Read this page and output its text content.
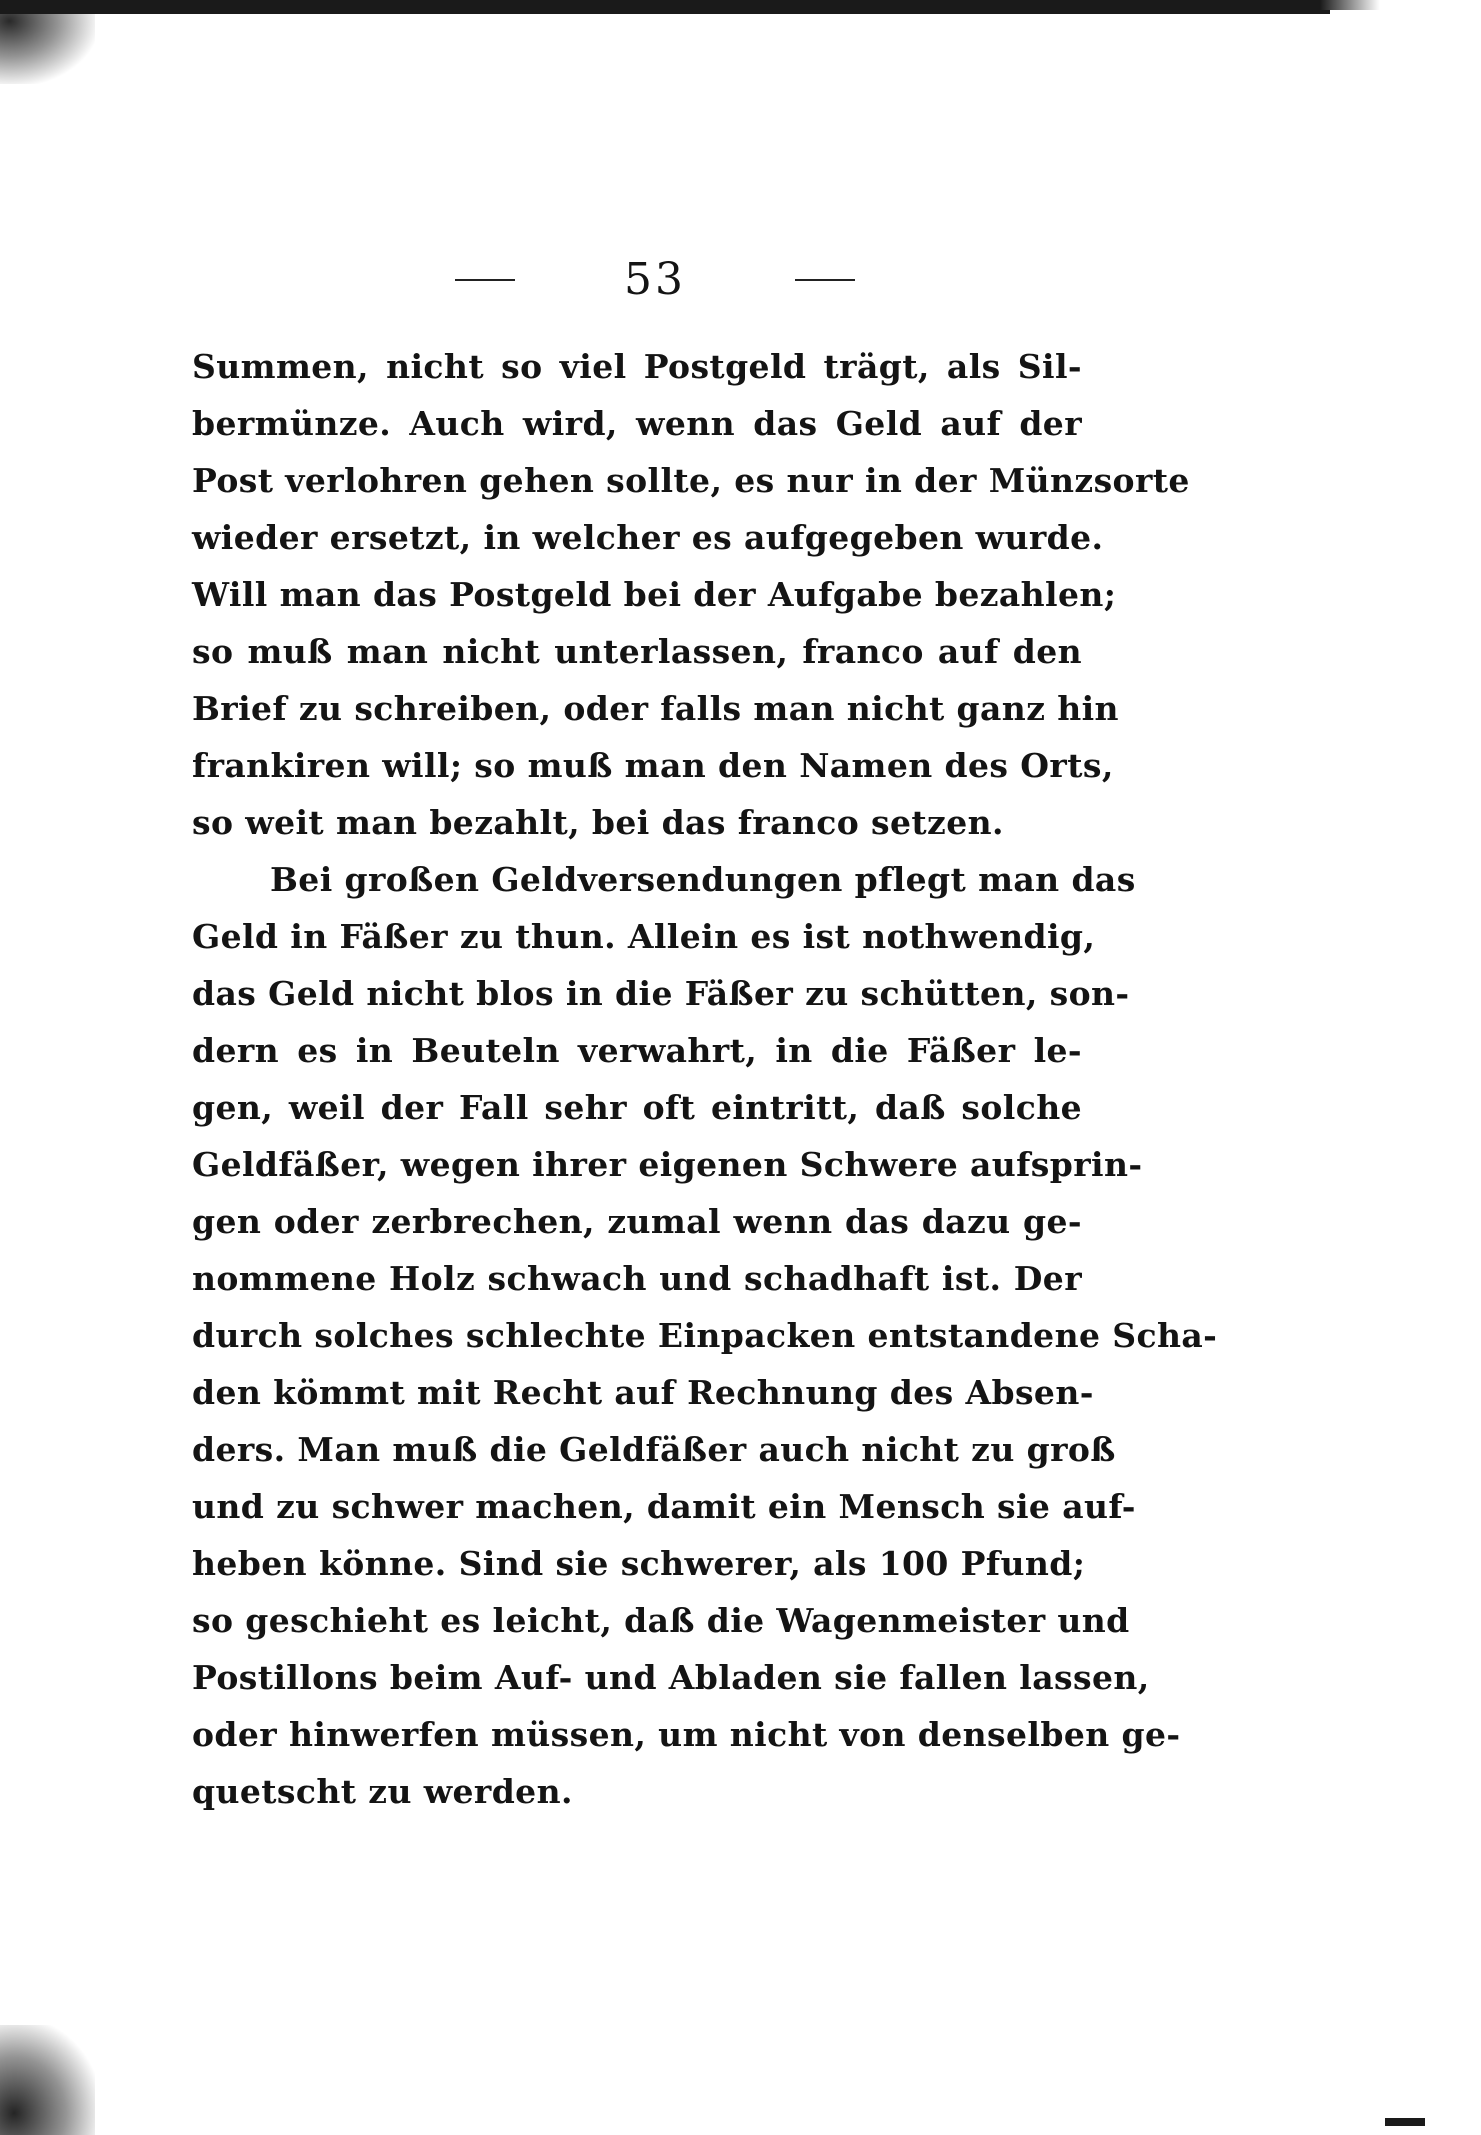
53
Summen, nicht so viel Postgeld trägt, als Sil-
bermünze. Auch wird, wenn das Geld auf der
Post verlohren gehen sollte, es nur in der Münzsorte
wieder ersetzt, in welcher es aufgegeben wurde.
Will man das Postgeld bei der Aufgabe bezahlen;
so muß man nicht unterlassen, franco auf den
Brief zu schreiben, oder falls man nicht ganz hin
frankiren will; so muß man den Namen des Orts,
so weit man bezahlt, bei das franco setzen.
Bei großen Geldversendungen pflegt man das
Geld in Fäßer zu thun. Allein es ist nothwendig,
das Geld nicht blos in die Fäßer zu schütten, son-
dern es in Beuteln verwahrt, in die Fäßer le-
gen, weil der Fall sehr oft eintritt, daß solche
Geldfäßer, wegen ihrer eigenen Schwere aufsprin-
gen oder zerbrechen, zumal wenn das dazu ge-
nommene Holz schwach und schadhaft ist. Der
durch solches schlechte Einpacken entstandene Scha-
den kömmt mit Recht auf Rechnung des Absen-
ders. Man muß die Geldfäßer auch nicht zu groß
und zu schwer machen, damit ein Mensch sie auf-
heben könne. Sind sie schwerer, als 100 Pfund;
so geschieht es leicht, daß die Wagenmeister und
Postillons beim Auf- und Abladen sie fallen lassen,
oder hinwerfen müssen, um nicht von denselben ge-
quetscht zu werden.
